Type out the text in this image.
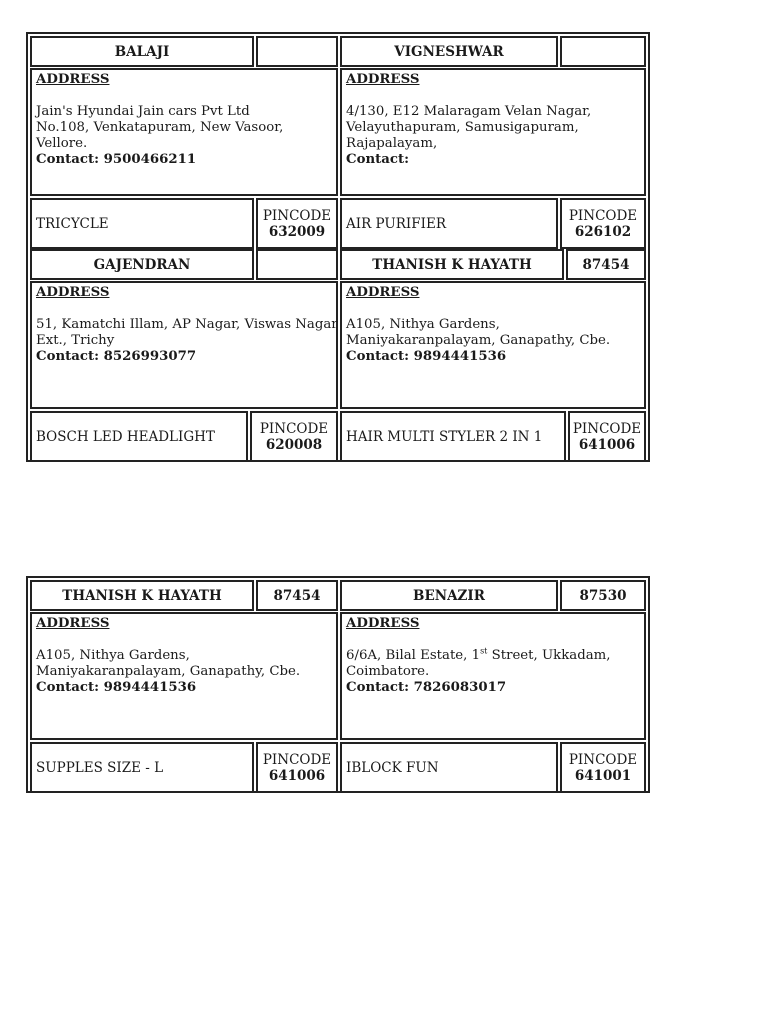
BALAJI
ADDRESS
Jain's Hyundai Jain cars Pvt Ltd
No.108, Venkatapuram, New Vasoor,
Vellore.
Contact: 9500466211
TRICYCLE	PINCODE
632009
VIGNESHWAR
ADDRESS
4/130, E12 Malaragam Velan Nagar,
Velayuthapuram, Samusigapuram,
Rajapalayam,
Contact:
AIR PURIFIER	PINCODE
626102
GAJENDRAN
ADDRESS
51, Kamatchi Illam, AP Nagar, Viswas Nagar
Ext., Trichy
Contact: 8526993077
BOSCH LED HEADLIGHT	PINCODE
620008
THANISH K HAYATH	87454
ADDRESS
A105, Nithya Gardens,
Maniyakaranpalayam, Ganapathy, Cbe.
Contact: 9894441536
HAIR MULTI STYLER 2 IN 1	PINCODE
641006
THANISH K HAYATH	87454
ADDRESS
A105, Nithya Gardens,
Maniyakaranpalayam, Ganapathy, Cbe.
Contact: 9894441536
SUPPLES SIZE - L	PINCODE
641006
BENAZIR	87530
ADDRESS
6/6A, Bilal Estate, 1st Street, Ukkadam,
Coimbatore.
Contact: 7826083017
IBLOCK FUN	PINCODE
641001
